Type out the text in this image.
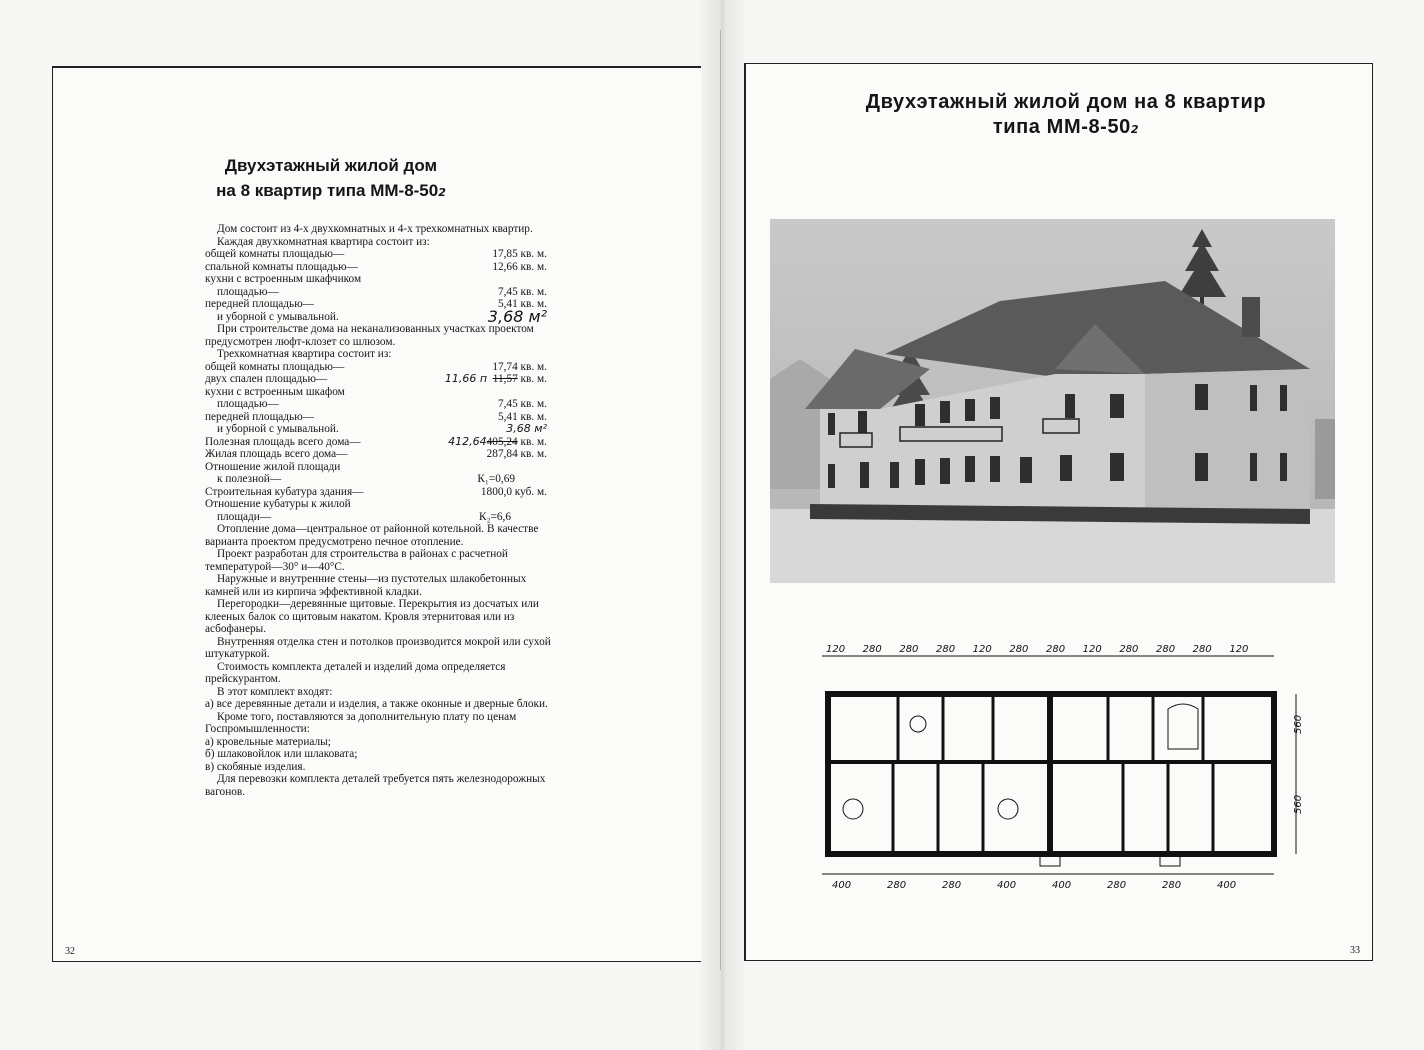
Двухэтажный жилой дом
на 8 квартир типа ММ-8-502

Дом состоит из 4-х двухкомнатных и 4-х трехкомнатных квартир.

Каждая двухкомнатная квартира состоит из:

общей комнаты площадью—	17,85 кв. м.
спальной комнаты площадью—	12,66 кв. м.
кухни с встроенным шкафчиком
площадью—	7,45 кв. м.
передней площадью—	5,41 кв. м.
и уборной с умывальной.	3,68 м²

При строительстве дома на неканализованных участках проектом предусмотрен люфт-клозет со шлюзом.

Трехкомнатная квартира состоит из:

общей комнаты площадью—	17,74 кв. м.
двух спален площадью—	11,66 п 11,57 кв. м.
кухни с встроенным шкафом
площадью—	7,45 кв. м.
передней площадью—	5,41 кв. м.
и уборной с умывальной.	3,68 м²
Полезная площадь всего дома—	412,64405,24 кв. м.
Жилая площадь всего дома—	287,84 кв. м.

Отношение жилой площади

к полезной—	К₁=0,69
Строительная кубатура здания—	1800,0 куб. м.

Отношение кубатуры к жилой

площади—	К₂=6,6

Отопление дома—центральное от районной котельной. В качестве варианта проектом предусмотрено печное отопление.

Проект разработан для строительства в районах с расчетной температурой—30° и—40°С.

Наружные и внутренние стены—из пустотелых шлакобетонных камней или из кирпича эффективной кладки.

Перегородки—деревянные щитовые. Перекрытия из досчатых или клееных балок со щитовым накатом. Кровля этернитовая или из асбофанеры.

Внутренняя отделка стен и потолков производится мокрой или сухой штукатуркой.

Стоимость комплекта деталей и изделий дома определяется прейскурантом.

В этот комплект входят:

а) все деревянные детали и изделия, а также оконные и дверные блоки.

Кроме того, поставляются за дополнительную плату по ценам Госпромышленности:

а) кровельные материалы;

б) шлаковойлок или шлаковата;

в) скобяные изделия.

Для перевозки комплекта деталей требуется пять железнодорожных вагонов.

32
Двухэтажный жилой дом на 8 квартир
типа ММ-8-502
120 280 280 280 120 280 280 120 280 280 280 120
400	280	280	400	400	280	280	400
560
560
33
